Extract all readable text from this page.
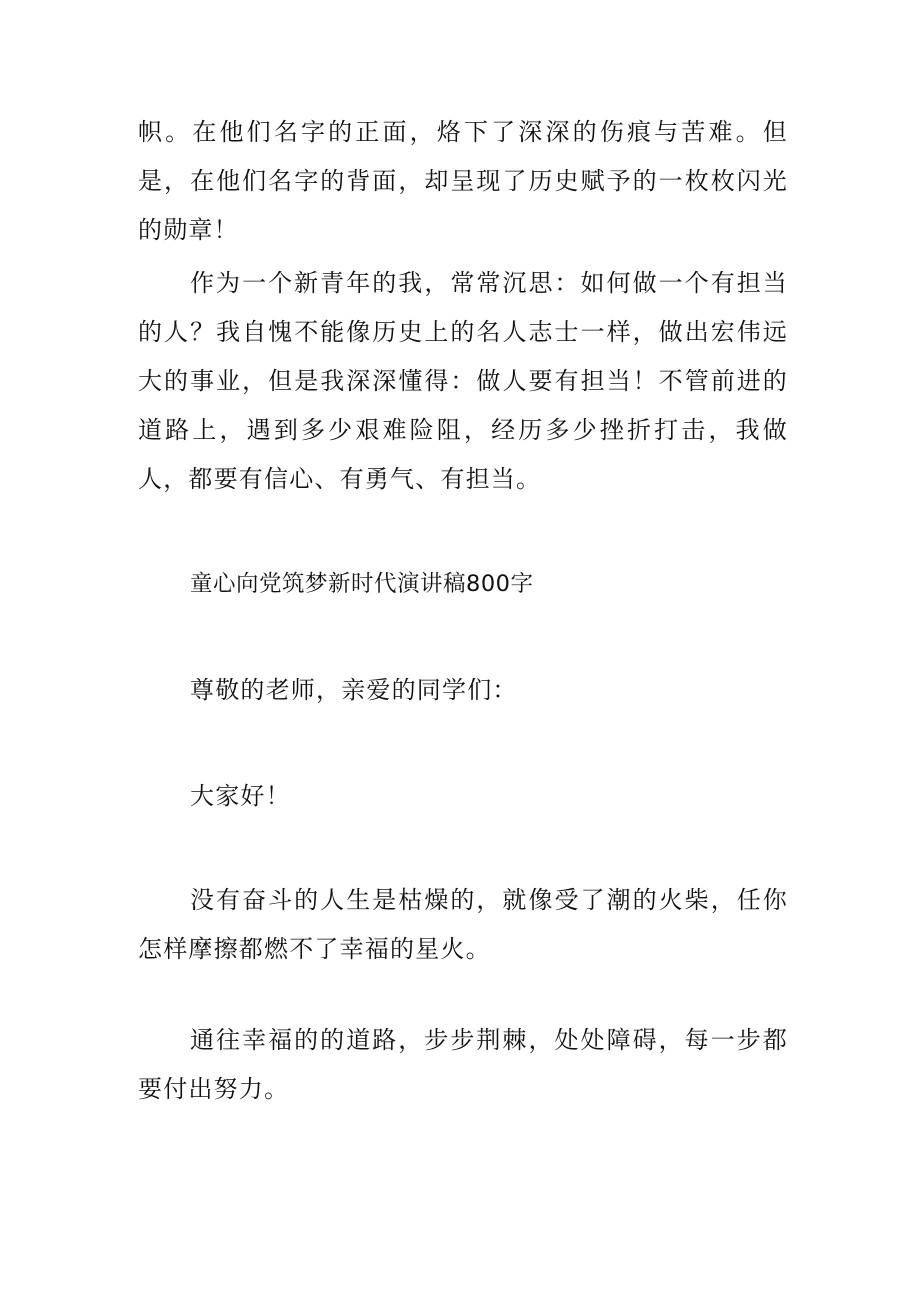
帜。在他们名字的正面，烙下了深深的伤痕与苦难。但是，在他们名字的背面，却呈现了历史赋予的一枚枚闪光的勋章！

作为一个新青年的我，常常沉思：如何做一个有担当的人？我自愧不能像历史上的名人志士一样，做出宏伟远大的事业，但是我深深懂得：做人要有担当！不管前进的道路上，遇到多少艰难险阻，经历多少挫折打击，我做人，都要有信心、有勇气、有担当。

童心向党筑梦新时代演讲稿800字

尊敬的老师，亲爱的同学们：

大家好！

没有奋斗的人生是枯燥的，就像受了潮的火柴，任你怎样摩擦都燃不了幸福的星火。

通往幸福的的道路，步步荆棘，处处障碍，每一步都要付出努力。
